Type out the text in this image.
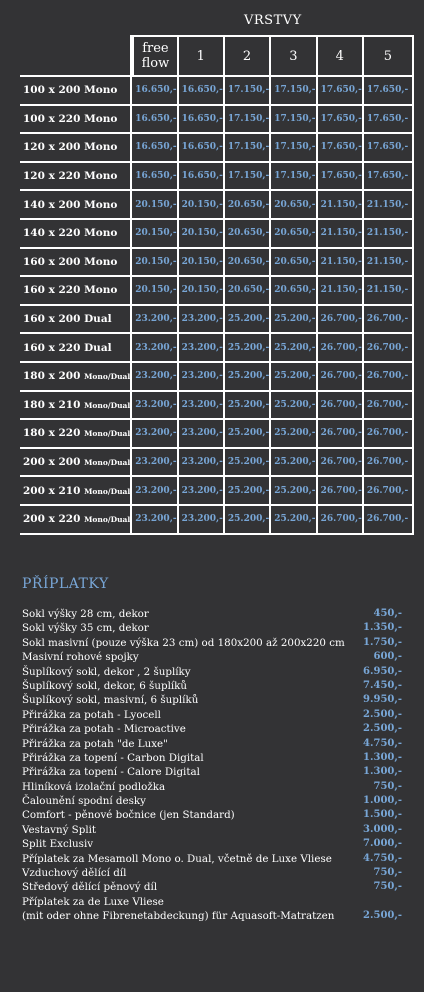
VRSTVY
	free flow	1	2	3	4	5
100 x 200 Mono	16.650,-	16.650,-	17.150,-	17.150,-	17.650,-	17.650,-
100 x 220 Mono	16.650,-	16.650,-	17.150,-	17.150,-	17.650,-	17.650,-
120 x 200 Mono	16.650,-	16.650,-	17.150,-	17.150,-	17.650,-	17.650,-
120 x 220 Mono	16.650,-	16.650,-	17.150,-	17.150,-	17.650,-	17.650,-
140 x 200 Mono	20.150,-	20.150,-	20.650,-	20.650,-	21.150,-	21.150,-
140 x 220 Mono	20.150,-	20.150,-	20.650,-	20.650,-	21.150,-	21.150,-
160 x 200 Mono	20.150,-	20.150,-	20.650,-	20.650,-	21.150,-	21.150,-
160 x 220 Mono	20.150,-	20.150,-	20.650,-	20.650,-	21.150,-	21.150,-
160 x 200 Dual	23.200,-	23.200,-	25.200,-	25.200,-	26.700,-	26.700,-
160 x 220 Dual	23.200,-	23.200,-	25.200,-	25.200,-	26.700,-	26.700,-
180 x 200 Mono/Dual	23.200,-	23.200,-	25.200,-	25.200,-	26.700,-	26.700,-
180 x 210 Mono/Dual	23.200,-	23.200,-	25.200,-	25.200,-	26.700,-	26.700,-
180 x 220 Mono/Dual	23.200,-	23.200,-	25.200,-	25.200,-	26.700,-	26.700,-
200 x 200 Mono/Dual	23.200,-	23.200,-	25.200,-	25.200,-	26.700,-	26.700,-
200 x 210 Mono/Dual	23.200,-	23.200,-	25.200,-	25.200,-	26.700,-	26.700,-
200 x 220 Mono/Dual	23.200,-	23.200,-	25.200,-	25.200,-	26.700,-	26.700,-
PŘÍPLATKY
Sokl výšky 28 cm, dekor	450,-
Sokl výšky 35 cm, dekor	1.350,-
Sokl masivní (pouze výška 23 cm) od 180x200 až 200x220 cm 1.750,-
Masivní rohové spojky	600,-
Šuplíkový sokl, dekor , 2 šuplíky	6.950,-
Šuplíkový sokl, dekor, 6 šuplíků	7.450,-
Šuplíkový sokl, masivní, 6 šuplíků	9.950,-
Přirážka za potah - Lyocell	2.500,-
Přirážka za potah - Microactive	2.500,-
Přirážka za potah "de Luxe"	4.750,-
Přirážka za topení - Carbon Digital	1.300,-
Přirážka za topení - Calore Digital	1.300,-
Hliníková izolační podložka	750,-
Čalounění spodní desky	1.000,-
Comfort - pěnové bočnice (jen Standard)	1.500,-
Vestavný Split	3.000,-
Split Exclusiv	7.000,-
Příplatek za Mesamoll Mono o. Dual, včetně de Luxe Vliese	4.750,-
Vzduchový dělící díl	750,-
Středový dělící pěnový díl	750,-
Příplatek za de Luxe Vliese
(mit oder ohne Fibrenetabdeckung) für Aquasoft-Matratzen	2.500,-
